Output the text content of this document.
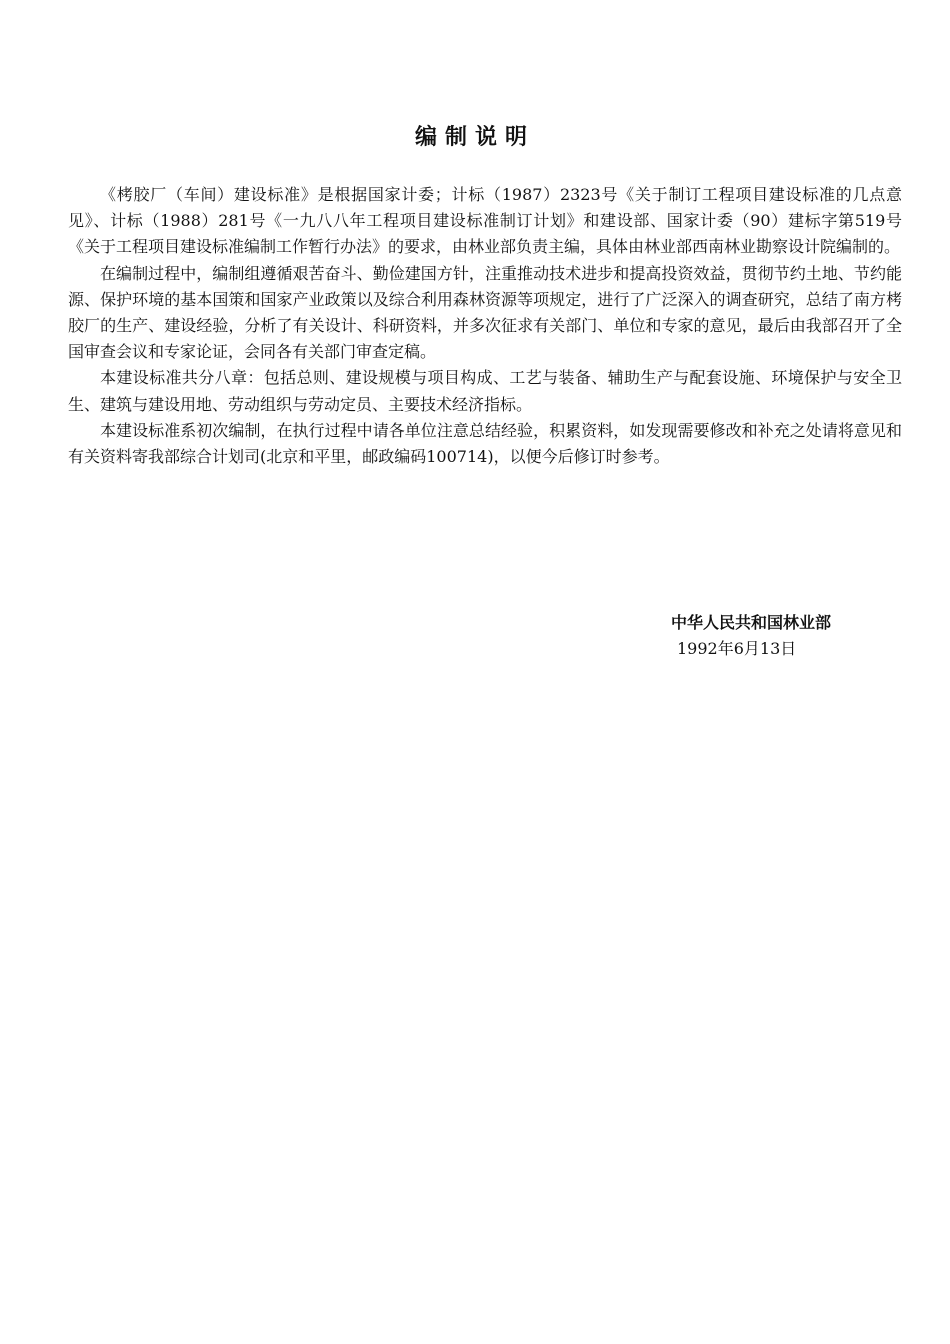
编制说明

《栲胶厂（车间）建设标准》是根据国家计委；计标（1987）2323号《关于制订工程项目建设标准的几点意见》、计标（1988）281号《一九八八年工程项目建设标准制订计划》和建设部、国家计委（90）建标字第519号《关于工程项目建设标准编制工作暂行办法》的要求，由林业部负责主编，具体由林业部西南林业勘察设计院编制的。

在编制过程中，编制组遵循艰苦奋斗、勤俭建国方针，注重推动技术进步和提高投资效益，贯彻节约土地、节约能源、保护环境的基本国策和国家产业政策以及综合利用森林资源等项规定，进行了广泛深入的调查研究，总结了南方栲胶厂的生产、建设经验，分析了有关设计、科研资料，并多次征求有关部门、单位和专家的意见，最后由我部召开了全国审查会议和专家论证，会同各有关部门审查定稿。

本建设标准共分八章：包括总则、建设规模与项目构成、工艺与装备、辅助生产与配套设施、环境保护与安全卫生、建筑与建设用地、劳动组织与劳动定员、主要技术经济指标。

本建设标准系初次编制，在执行过程中请各单位注意总结经验，积累资料，如发现需要修改和补充之处请将意见和有关资料寄我部综合计划司(北京和平里，邮政编码100714)，以便今后修订时参考。

中华人民共和国林业部
1992年6月13日
